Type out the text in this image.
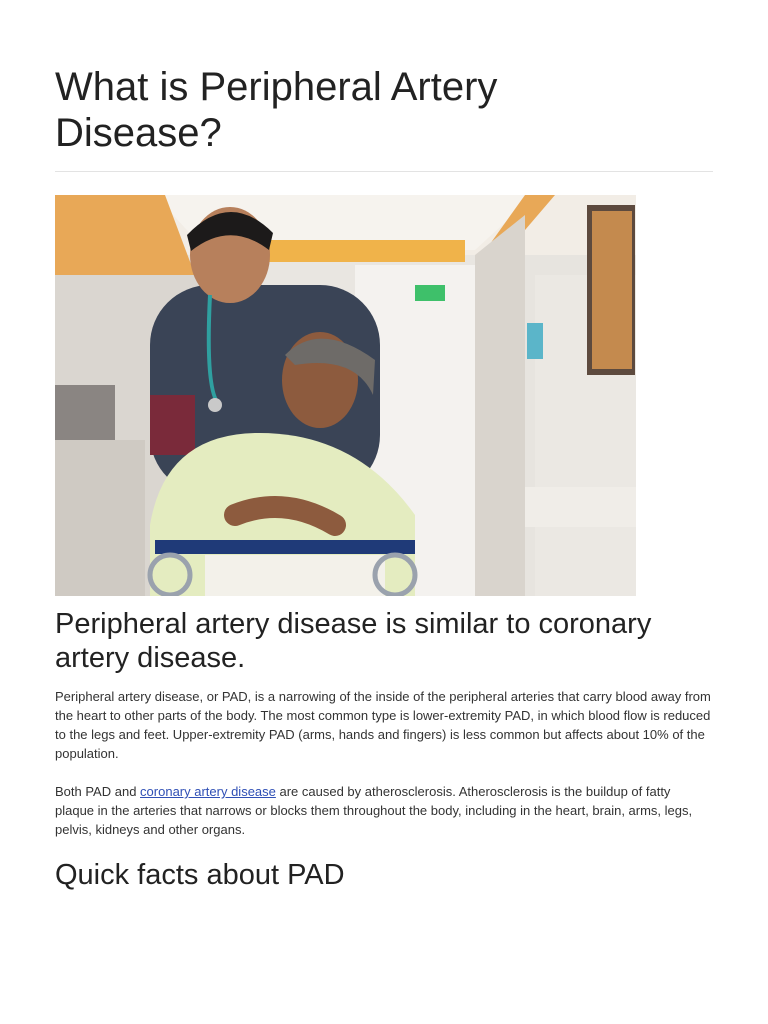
What is Peripheral Artery Disease?
Peripheral artery disease is similar to coronary artery disease.

Peripheral artery disease, or PAD, is a narrowing of the inside of the peripheral arteries that carry blood away from the heart to other parts of the body. The most common type is lower-extremity PAD, in which blood flow is reduced to the legs and feet. Upper-extremity PAD (arms, hands and fingers) is less common but affects about 10% of the population.

Both PAD and coronary artery disease are caused by atherosclerosis. Atherosclerosis is the buildup of fatty plaque in the arteries that narrows or blocks them throughout the body, including in the heart, brain, arms, legs, pelvis, kidneys and other organs.

Quick facts about PAD
